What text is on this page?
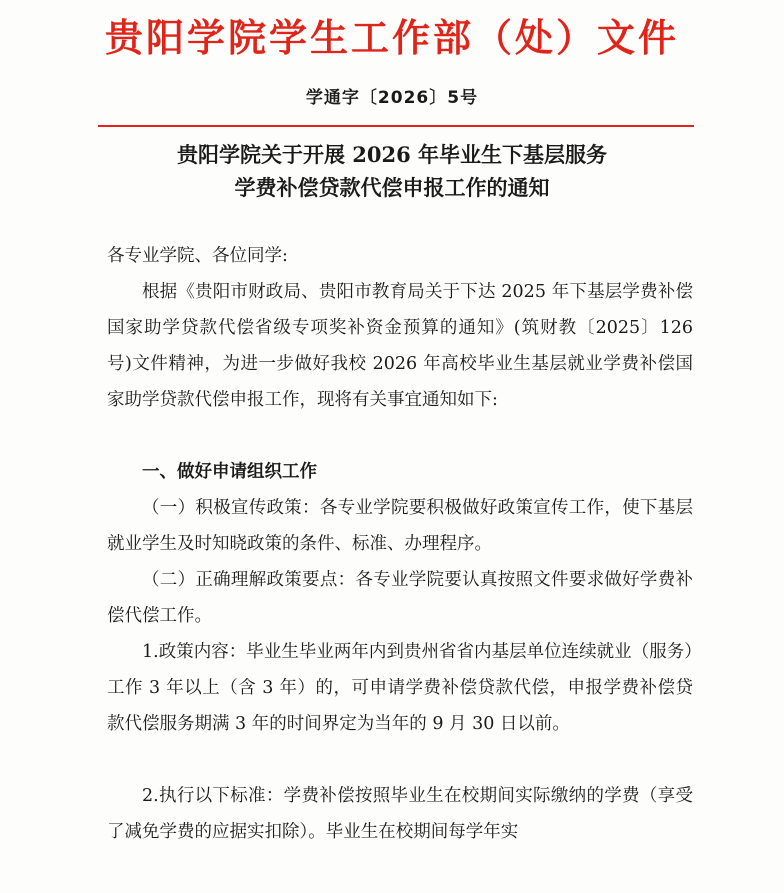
贵阳学院学生工作部（处）文件
学通字〔2026〕5号
贵阳学院关于开展 2026 年毕业生下基层服务
学费补偿贷款代偿申报工作的通知

各专业学院、各位同学:

根据《贵阳市财政局、贵阳市教育局关于下达 2025 年下基层学费补偿国家助学贷款代偿省级专项奖补资金预算的通知》(筑财教〔2025〕126 号)文件精神，为进一步做好我校 2026 年高校毕业生基层就业学费补偿国家助学贷款代偿申报工作，现将有关事宜通知如下:

一、做好申请组织工作

（一）积极宣传政策：各专业学院要积极做好政策宣传工作，使下基层就业学生及时知晓政策的条件、标准、办理程序。

（二）正确理解政策要点：各专业学院要认真按照文件要求做好学费补偿代偿工作。

1.政策内容：毕业生毕业两年内到贵州省省内基层单位连续就业（服务）工作 3 年以上（含 3 年）的，可申请学费补偿贷款代偿，申报学费补偿贷款代偿服务期满 3 年的时间界定为当年的 9 月 30 日以前。

2.执行以下标准：学费补偿按照毕业生在校期间实际缴纳的学费（享受了减免学费的应据实扣除）。毕业生在校期间每学年实
